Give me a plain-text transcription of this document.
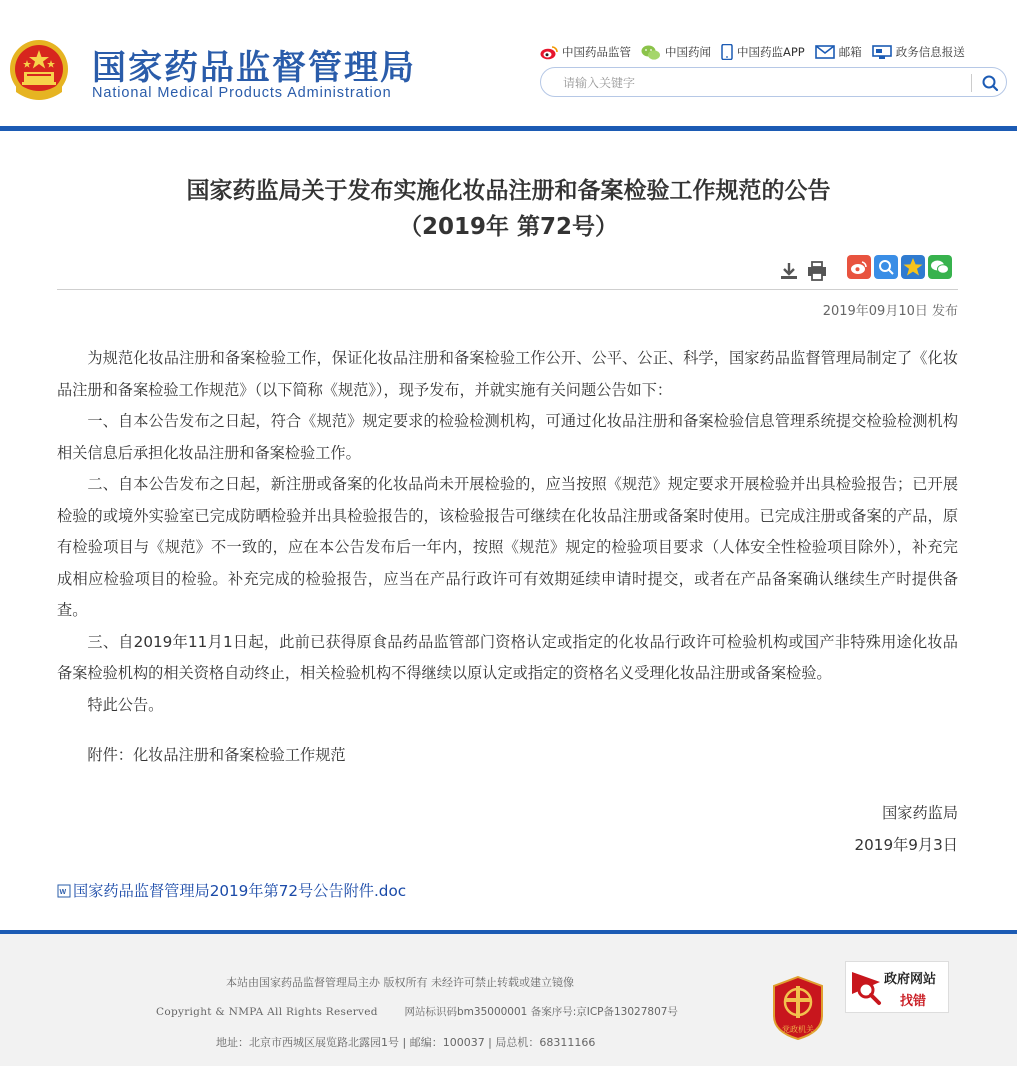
国家药品监督管理局
National Medical Products Administration
中国药品监管	中国药闻 中国药监APP	邮箱	政务信息报送
请输入关键字
国家药监局关于发布实施化妆品注册和备案检验工作规范的公告
（2019年 第72号）
2019年09月10日 发布

为规范化妆品注册和备案检验工作，保证化妆品注册和备案检验工作公开、公平、公正、科学，国家药品监督管理局制定了《化妆品注册和备案检验工作规范》（以下简称《规范》），现予发布，并就实施有关问题公告如下：

一、自本公告发布之日起，符合《规范》规定要求的检验检测机构，可通过化妆品注册和备案检验信息管理系统提交检验检测机构相关信息后承担化妆品注册和备案检验工作。

二、自本公告发布之日起，新注册或备案的化妆品尚未开展检验的，应当按照《规范》规定要求开展检验并出具检验报告；已开展检验的或境外实验室已完成防晒检验并出具检验报告的，该检验报告可继续在化妆品注册或备案时使用。已完成注册或备案的产品，原有检验项目与《规范》不一致的，应在本公告发布后一年内，按照《规范》规定的检验项目要求（人体安全性检验项目除外），补充完成相应检验项目的检验。补充完成的检验报告，应当在产品行政许可有效期延续申请时提交，或者在产品备案确认继续生产时提供备查。

三、自2019年11月1日起，此前已获得原食品药品监管部门资格认定或指定的化妆品行政许可检验机构或国产非特殊用途化妆品备案检验机构的相关资格自动终止，相关检验机构不得继续以原认定或指定的资格名义受理化妆品注册或备案检验。

特此公告。

附件：化妆品注册和备案检验工作规范

国家药监局
2019年9月3日
W 国家药品监督管理局2019年第72号公告附件.doc
本站由国家药品监督管理局主办 版权所有 未经许可禁止转载或建立镜像
Copyright & NMPA All Rights Reserved	网站标识码bm35000001 备案序号:京ICP备13027807号
地址：北京市西城区展览路北露园1号 | 邮编：100037 | 局总机：68311166
党政机关
政府网站
找错
